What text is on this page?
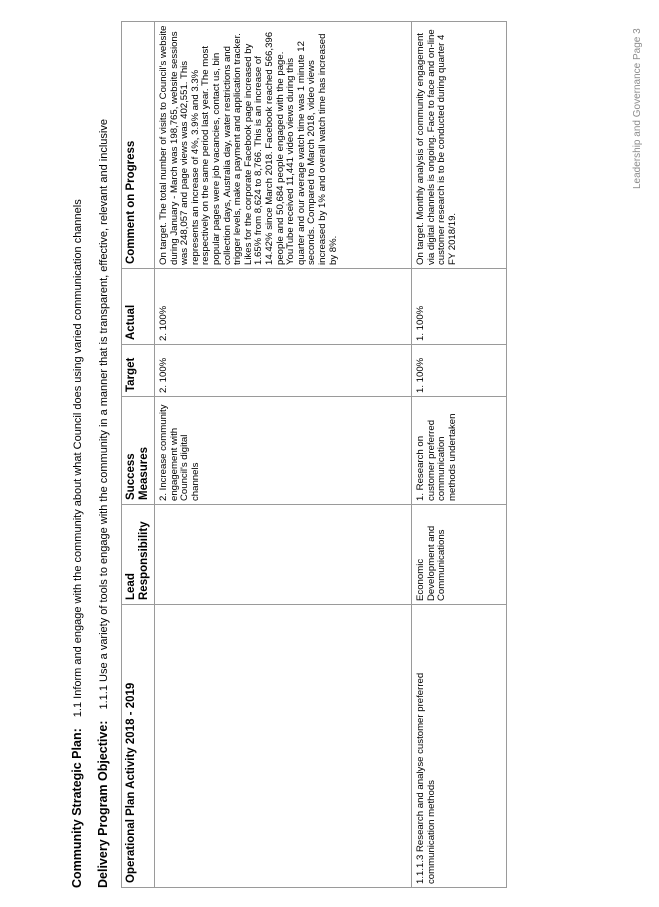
Community Strategic Plan: 1.1 Inform and engage with the community about what Council does using varied communication channels
Delivery Program Objective: 1.1.1 Use a variety of tools to engage with the community in a manner that is transparent, effective, relevant and inclusive
Operational Plan Activity 2018 - 2019	Lead Responsibility	Success Measures	Target	Actual	Comment on Progress
		2. Increase community engagement with Council's digital channels	2. 100%	2. 100%	On target. The total number of visits to Council's website during January - March was 198,765, website sessions was 248,057 and page views was 402,551. This represents an increase of 4%, 3.9% and 3.3% respectively on the same period last year. The most popular pages were job vacancies, contact us, bin collection days, Australia day, water restrictions and trigger levels, make a payment and application tracker. Likes for the corporate Facebook page increased by 1.65% from 8,624 to 8,766. This is an increase of 14.42% since March 2018. Facebook reached 566,396 people and 50,684 people engaged with the page. YouTube received 11,441 video views during this quarter and our average watch time was 1 minute 12 seconds. Compared to March 2018, video views increased by 1% and overall watch time has increased by 8%.
1.1.1.3 Research and analyse customer preferred communication methods	Economic Development and Communications	1. Research on customer preferred communication methods undertaken	1. 100%	1. 100%	On target. Monthly analysis of community engagement via digital channels is ongoing. Face to face and on-line customer research is to be conducted during quarter 4 FY 2018/19.
Leadership and Governance Page 3
